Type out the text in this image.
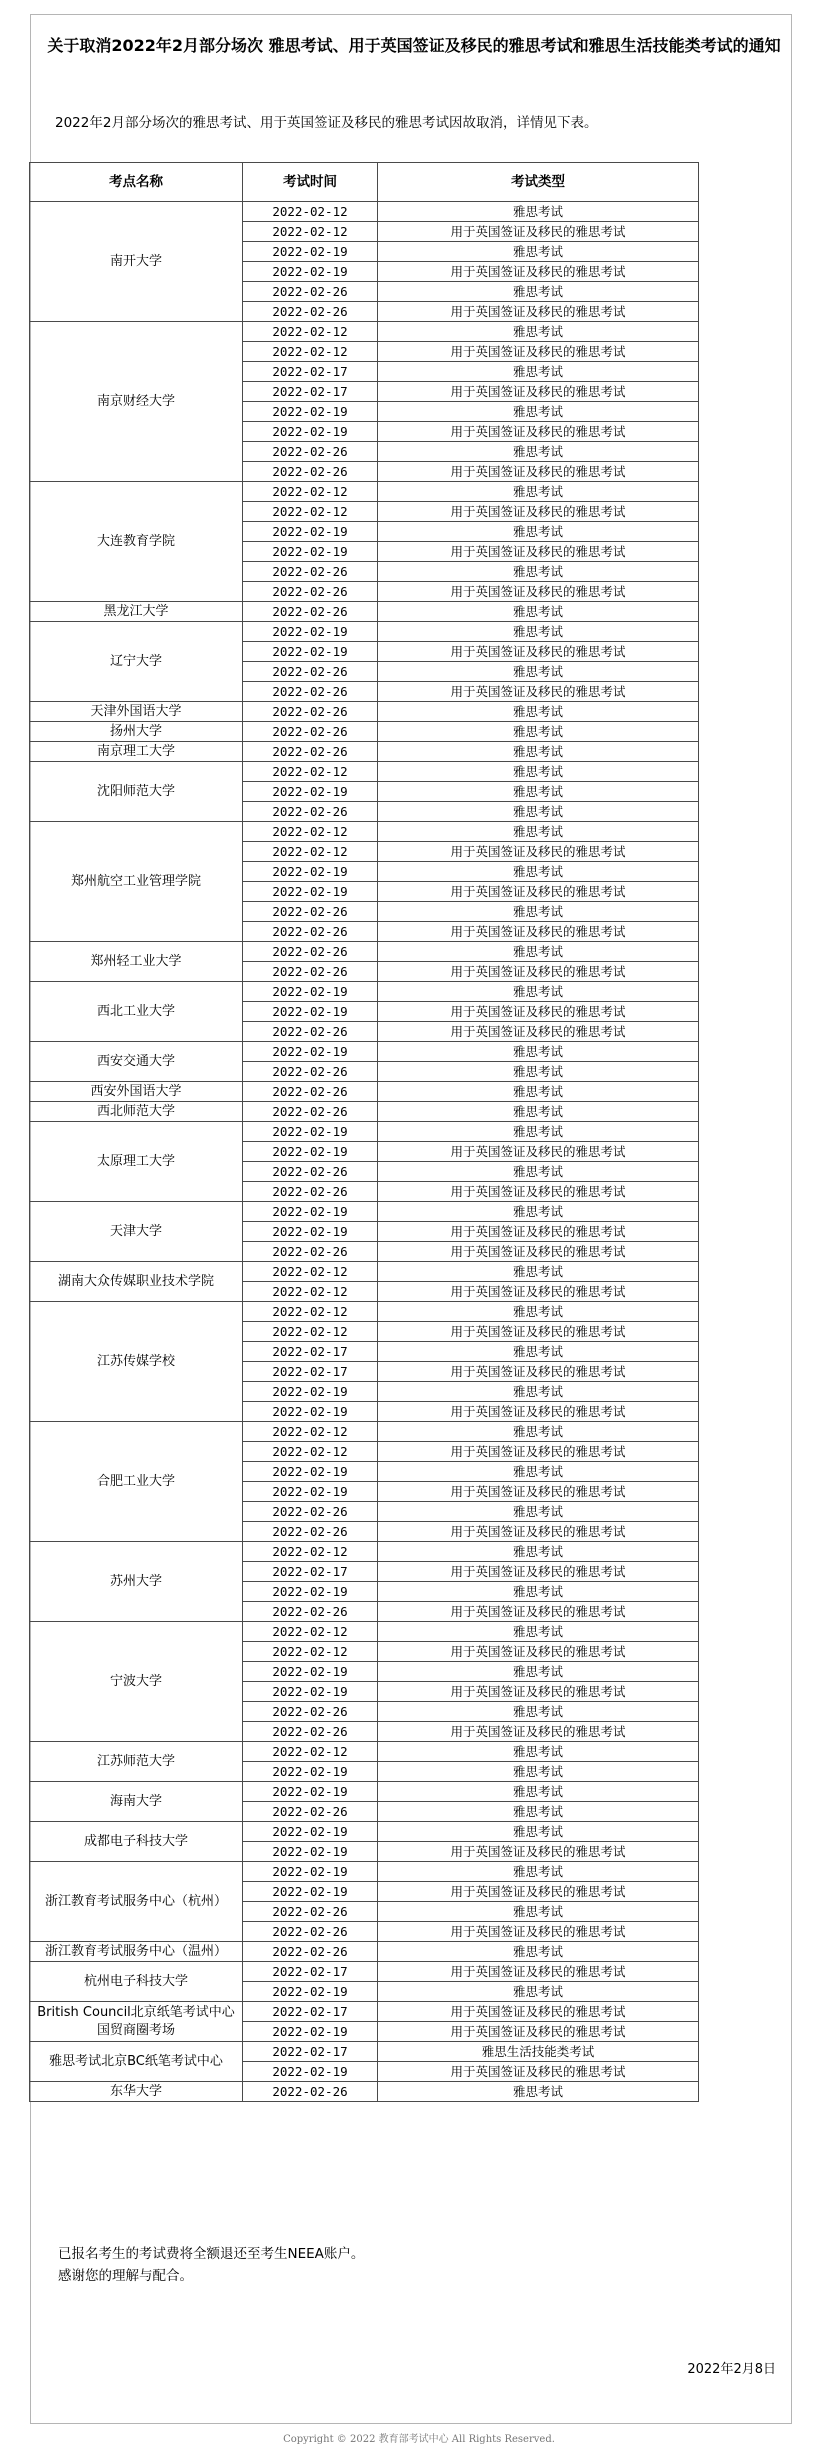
关于取消2022年2月部分场次 雅思考试、用于英国签证及移民的雅思考试和雅思生活技能类考试的通知
2022年2月部分场次的雅思考试、用于英国签证及移民的雅思考试因故取消，详情见下表。
考点名称	考试时间	考试类型
南开大学	2022-02-12	雅思考试
	2022-02-12	用于英国签证及移民的雅思考试
	2022-02-19	雅思考试
	2022-02-19	用于英国签证及移民的雅思考试
	2022-02-26	雅思考试
	2022-02-26	用于英国签证及移民的雅思考试
南京财经大学	2022-02-12	雅思考试
	2022-02-12	用于英国签证及移民的雅思考试
	2022-02-17	雅思考试
	2022-02-17	用于英国签证及移民的雅思考试
	2022-02-19	雅思考试
	2022-02-19	用于英国签证及移民的雅思考试
	2022-02-26	雅思考试
	2022-02-26	用于英国签证及移民的雅思考试
大连教育学院	2022-02-12	雅思考试
	2022-02-12	用于英国签证及移民的雅思考试
	2022-02-19	雅思考试
	2022-02-19	用于英国签证及移民的雅思考试
	2022-02-26	雅思考试
	2022-02-26	用于英国签证及移民的雅思考试
黑龙江大学	2022-02-26	雅思考试
辽宁大学	2022-02-19	雅思考试
	2022-02-19	用于英国签证及移民的雅思考试
	2022-02-26	雅思考试
	2022-02-26	用于英国签证及移民的雅思考试
天津外国语大学	2022-02-26	雅思考试
扬州大学	2022-02-26	雅思考试
南京理工大学	2022-02-26	雅思考试
沈阳师范大学	2022-02-12	雅思考试
	2022-02-19	雅思考试
	2022-02-26	雅思考试
郑州航空工业管理学院	2022-02-12	雅思考试
	2022-02-12	用于英国签证及移民的雅思考试
	2022-02-19	雅思考试
	2022-02-19	用于英国签证及移民的雅思考试
	2022-02-26	雅思考试
	2022-02-26	用于英国签证及移民的雅思考试
郑州轻工业大学	2022-02-26	雅思考试
	2022-02-26	用于英国签证及移民的雅思考试
西北工业大学	2022-02-19	雅思考试
	2022-02-19	用于英国签证及移民的雅思考试
	2022-02-26	用于英国签证及移民的雅思考试
西安交通大学	2022-02-19	雅思考试
	2022-02-26	雅思考试
西安外国语大学	2022-02-26	雅思考试
西北师范大学	2022-02-26	雅思考试
太原理工大学	2022-02-19	雅思考试
	2022-02-19	用于英国签证及移民的雅思考试
	2022-02-26	雅思考试
	2022-02-26	用于英国签证及移民的雅思考试
天津大学	2022-02-19	雅思考试
	2022-02-19	用于英国签证及移民的雅思考试
	2022-02-26	用于英国签证及移民的雅思考试
湖南大众传媒职业技术学院	2022-02-12	雅思考试
	2022-02-12	用于英国签证及移民的雅思考试
江苏传媒学校	2022-02-12	雅思考试
	2022-02-12	用于英国签证及移民的雅思考试
	2022-02-17	雅思考试
	2022-02-17	用于英国签证及移民的雅思考试
	2022-02-19	雅思考试
	2022-02-19	用于英国签证及移民的雅思考试
合肥工业大学	2022-02-12	雅思考试
	2022-02-12	用于英国签证及移民的雅思考试
	2022-02-19	雅思考试
	2022-02-19	用于英国签证及移民的雅思考试
	2022-02-26	雅思考试
	2022-02-26	用于英国签证及移民的雅思考试
苏州大学	2022-02-12	雅思考试
	2022-02-17	用于英国签证及移民的雅思考试
	2022-02-19	雅思考试
	2022-02-26	用于英国签证及移民的雅思考试
宁波大学	2022-02-12	雅思考试
	2022-02-12	用于英国签证及移民的雅思考试
	2022-02-19	雅思考试
	2022-02-19	用于英国签证及移民的雅思考试
	2022-02-26	雅思考试
	2022-02-26	用于英国签证及移民的雅思考试
江苏师范大学	2022-02-12	雅思考试
	2022-02-19	雅思考试
海南大学	2022-02-19	雅思考试
	2022-02-26	雅思考试
成都电子科技大学	2022-02-19	雅思考试
	2022-02-19	用于英国签证及移民的雅思考试
浙江教育考试服务中心（杭州）	2022-02-19	雅思考试
	2022-02-19	用于英国签证及移民的雅思考试
	2022-02-26	雅思考试
	2022-02-26	用于英国签证及移民的雅思考试
浙江教育考试服务中心（温州）	2022-02-26	雅思考试
杭州电子科技大学	2022-02-17	用于英国签证及移民的雅思考试
	2022-02-19	雅思考试
British Council北京纸笔考试中心国贸商圈考场	2022-02-17	用于英国签证及移民的雅思考试
	2022-02-19	用于英国签证及移民的雅思考试
雅思考试北京BC纸笔考试中心	2022-02-17	雅思生活技能类考试
	2022-02-19	用于英国签证及移民的雅思考试
东华大学	2022-02-26	雅思考试
已报名考生的考试费将全额退还至考生NEEA账户。
感谢您的理解与配合。
2022年2月8日
Copyright © 2022 教育部考试中心 All Rights Reserved.
